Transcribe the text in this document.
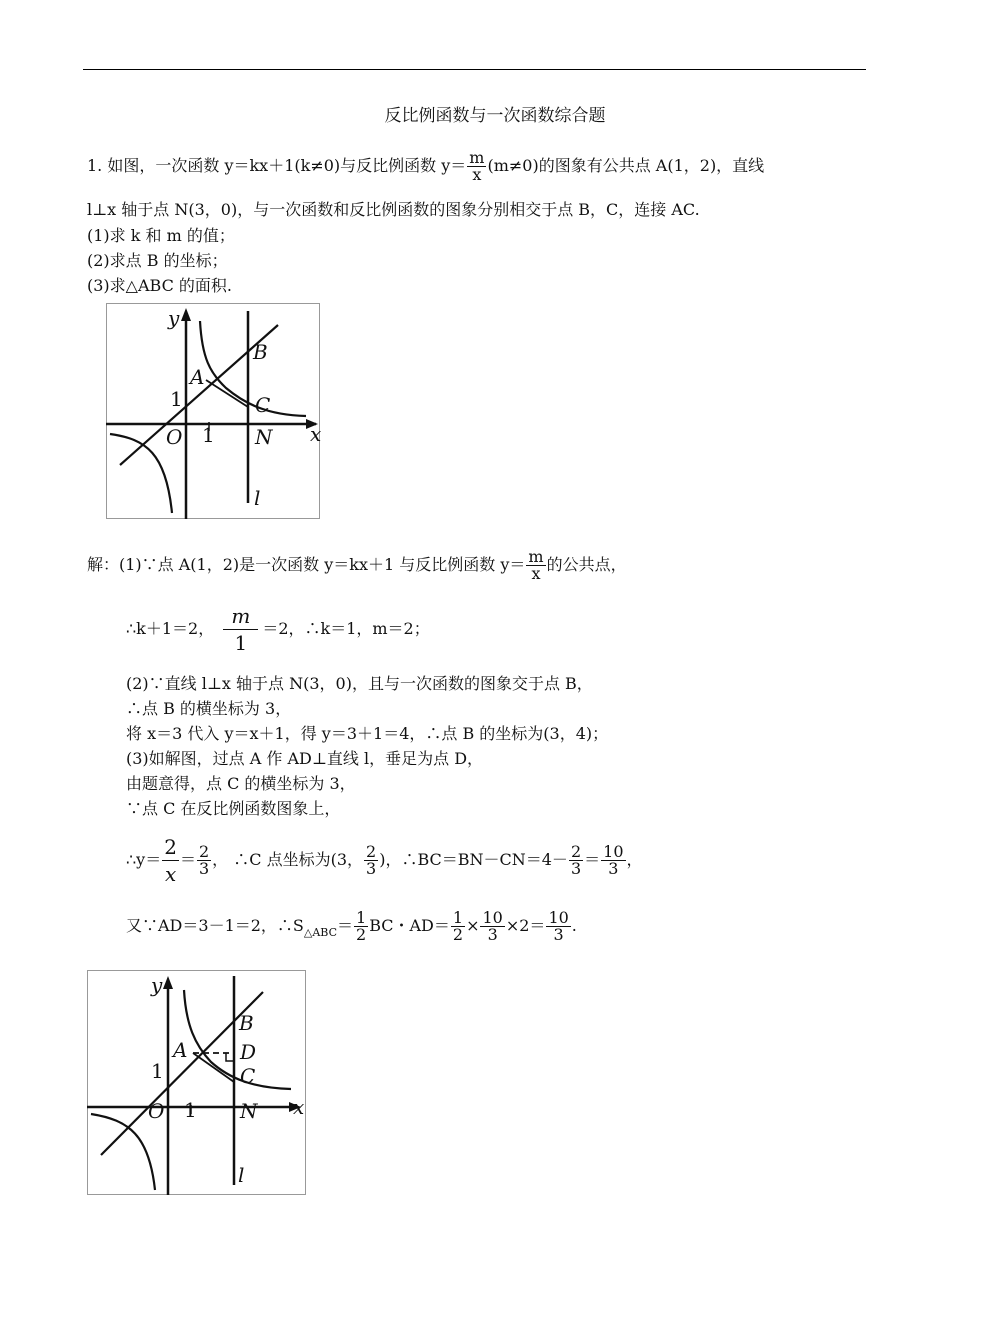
反比例函数与一次函数综合题
1. 如图，一次函数 y＝kx＋1(k≠0)与反比例函数 $y= \frac{m}{x} (m\ne 0)$的图象有公共点 A(1，2)，直线
l⊥x 轴于点 N(3，0)，与一次函数和反比例函数的图象分别相交于点 B，C，连接 AC.
(1)求 k 和 m 的值；
(2)求点 B 的坐标；
(3)求△ABC 的面积.
y
x
O 1
1
A
B
C
N
l
解：(1)∵点 A(1，2)是一次函数 y＝kx＋1 与反比例函数 $y= \frac{m}{x}$ 的公共点，
∴k＋1＝2， $\frac{m}{1} =2$，∴k＝1，m＝2；
(2)∵直线 l⊥x 轴于点 N(3，0)，且与一次函数的图象交于点 B，
∴点 B 的横坐标为 3，
将 x＝3 代入 y＝x＋1，得 y＝3＋1＝4，∴点 B 的坐标为(3，4)；
(3)如解图，过点 A 作 AD⊥直线 l，垂足为点 D，
由题意得，点 C 的横坐标为 3，
∵点 C 在反比例函数图象上，
∴y＝ $\frac{2}{x} = \frac{2}{3}$ ， ∴C 点坐标为(3， $\frac{2}{3}$ )，∴BC＝BN－CN＝4－ $\frac{2}{3} = \frac{10}{3}$ ，
又∵AD＝3－1＝2，$\therefore S_{\triangle ABC}= \frac{1}{2}$ BC・$AD= \frac{1}{2} \times \frac{10}{3} \times 2= \frac{10}{3}$ .
y
x
O 1
1
A
B
D
C
N
l
